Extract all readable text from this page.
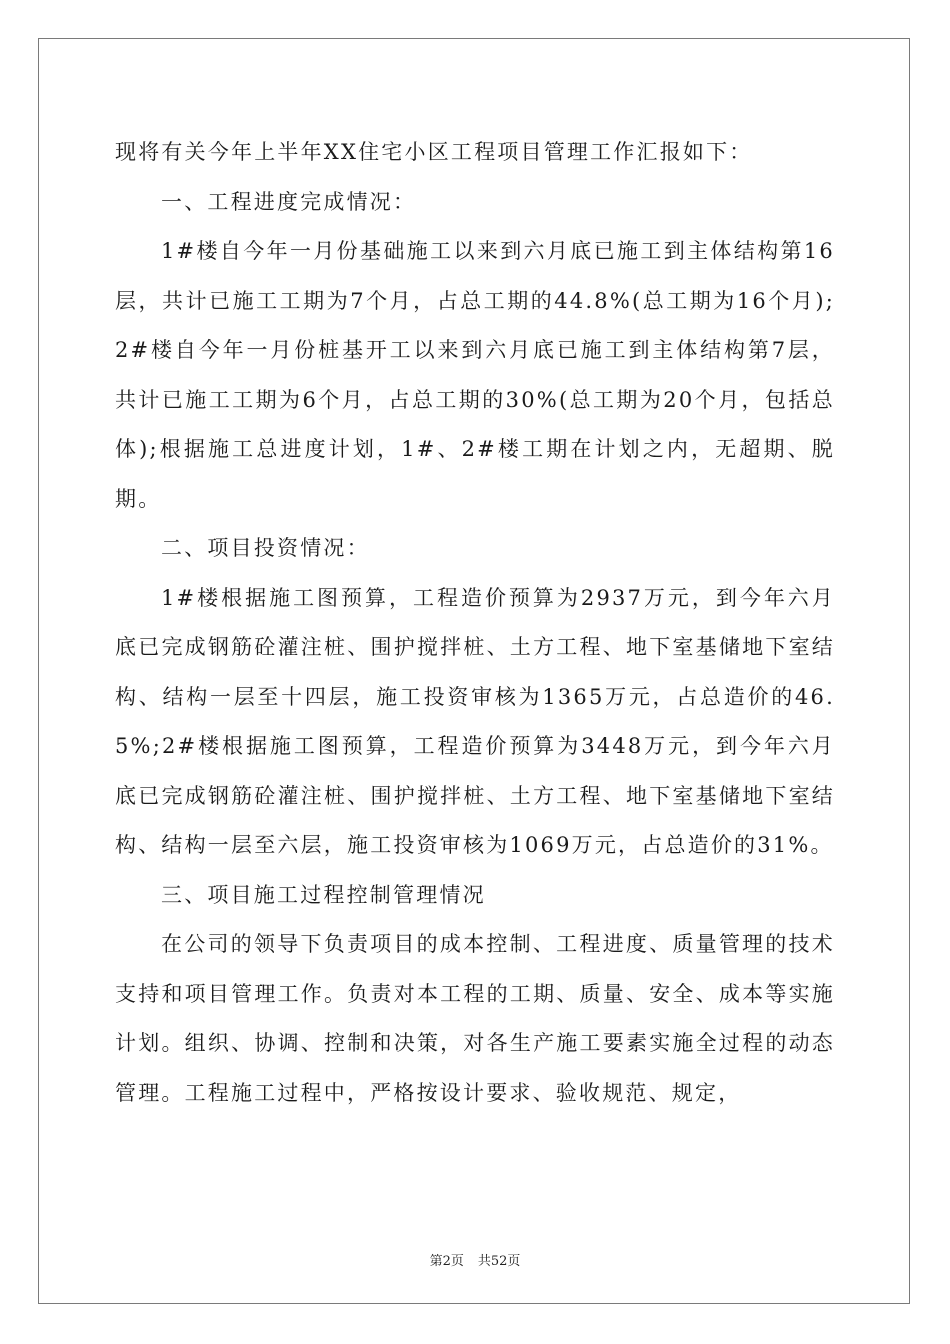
现将有关今年上半年XX住宅小区工程项目管理工作汇报如下：

一、工程进度完成情况：

1#楼自今年一月份基础施工以来到六月底已施工到主体结构第16层，共计已施工工期为7个月，占总工期的44.8%(总工期为16个月);2#楼自今年一月份桩基开工以来到六月底已施工到主体结构第7层，共计已施工工期为6个月，占总工期的30%(总工期为20个月，包括总体);根据施工总进度计划，1#、2#楼工期在计划之内，无超期、脱期。

二、项目投资情况：

1#楼根据施工图预算，工程造价预算为2937万元，到今年六月底已完成钢筋砼灌注桩、围护搅拌桩、土方工程、地下室基储地下室结构、结构一层至十四层，施工投资审核为1365万元，占总造价的46.5%;2#楼根据施工图预算，工程造价预算为3448万元，到今年六月底已完成钢筋砼灌注桩、围护搅拌桩、土方工程、地下室基储地下室结构、结构一层至六层，施工投资审核为1069万元，占总造价的31%。

三、项目施工过程控制管理情况

在公司的领导下负责项目的成本控制、工程进度、质量管理的技术支持和项目管理工作。负责对本工程的工期、质量、安全、成本等实施计划。组织、协调、控制和决策，对各生产施工要素实施全过程的动态管理。工程施工过程中，严格按设计要求、验收规范、规定，

第2页 共52页
